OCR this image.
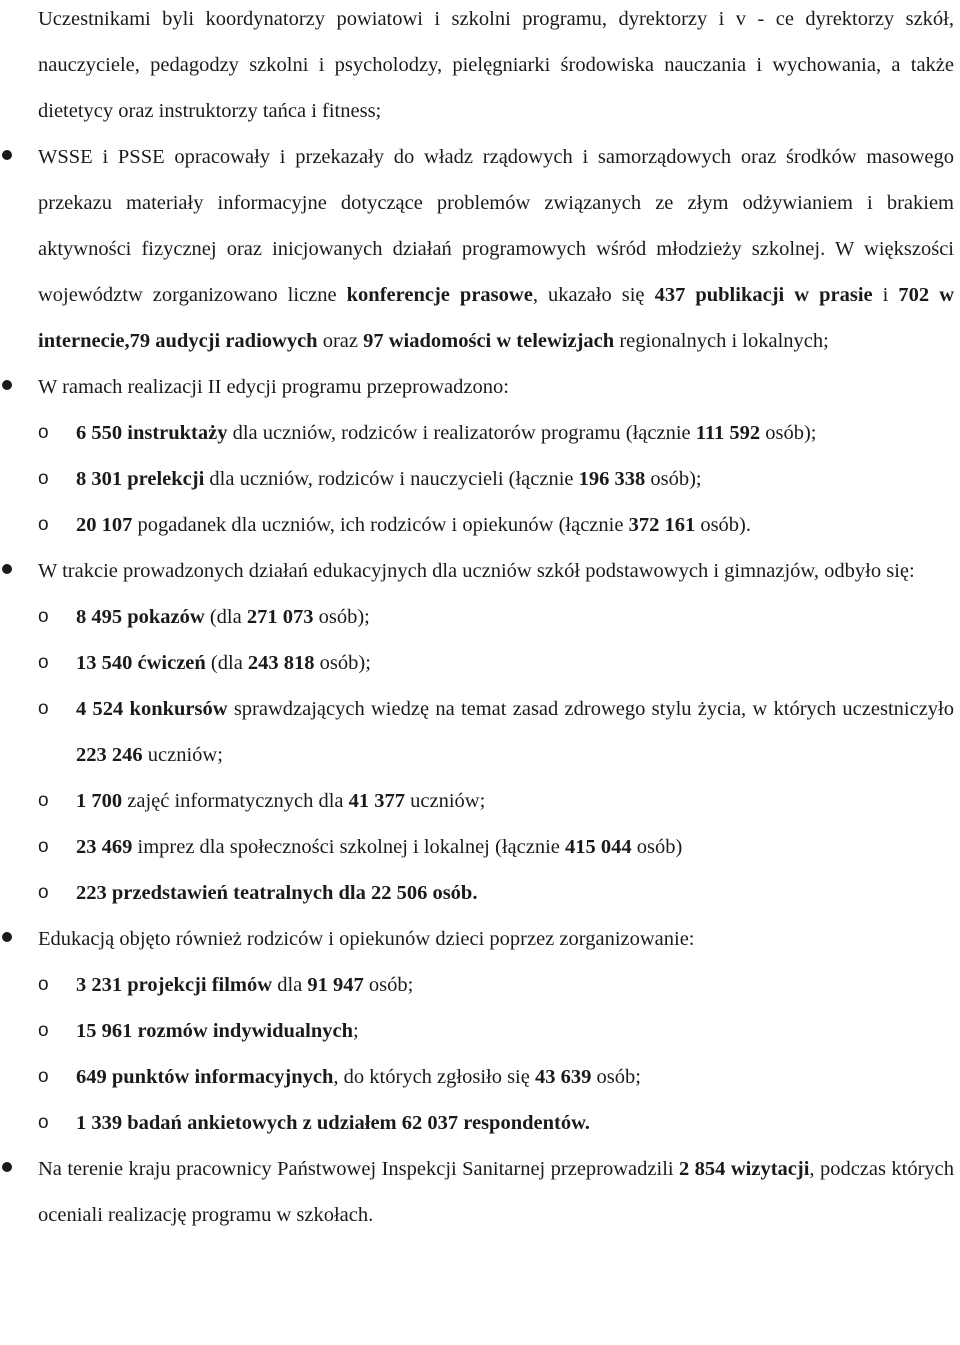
Uczestnikami byli koordynatorzy powiatowi i szkolni programu, dyrektorzy i v - ce dyrektorzy szkół, nauczyciele, pedagodzy szkolni i psycholodzy, pielęgniarki środowiska nauczania i wychowania, a także dietetycy oraz instruktorzy tańca i fitness;

WSSE i PSSE opracowały i przekazały do władz rządowych i samorządowych oraz środków masowego przekazu materiały informacyjne dotyczące problemów związanych ze złym odżywianiem i brakiem aktywności fizycznej oraz inicjowanych działań programowych wśród młodzieży szkolnej. W większości województw zorganizowano liczne konferencje prasowe, ukazało się 437 publikacji w prasie i 702 w internecie,79 audycji radiowych oraz 97 wiadomości w telewizjach regionalnych i lokalnych;

W ramach realizacji II edycji programu przeprowadzono:

o 6 550 instruktaży dla uczniów, rodziców i realizatorów programu (łącznie 111 592 osób);

o 8 301 prelekcji dla uczniów, rodziców i nauczycieli (łącznie 196 338 osób);

o 20 107 pogadanek dla uczniów, ich rodziców i opiekunów (łącznie 372 161 osób).

W trakcie prowadzonych działań edukacyjnych dla uczniów szkół podstawowych i gimnazjów, odbyło się:

o 8 495 pokazów (dla 271 073 osób);

o 13 540 ćwiczeń (dla 243 818 osób);

o 4 524 konkursów sprawdzających wiedzę na temat zasad zdrowego stylu życia, w których uczestniczyło 223 246 uczniów;

o 1 700 zajęć informatycznych dla 41 377 uczniów;

o 23 469 imprez dla społeczności szkolnej i lokalnej (łącznie 415 044 osób)

o 223 przedstawień teatralnych dla 22 506 osób.

Edukacją objęto również rodziców i opiekunów dzieci poprzez zorganizowanie:

o 3 231 projekcji filmów dla 91 947 osób;

o 15 961 rozmów indywidualnych;

o 649 punktów informacyjnych, do których zgłosiło się 43 639 osób;

o 1 339 badań ankietowych z udziałem 62 037 respondentów.

Na terenie kraju pracownicy Państwowej Inspekcji Sanitarnej przeprowadzili 2 854 wizytacji, podczas których oceniali realizację programu w szkołach.
